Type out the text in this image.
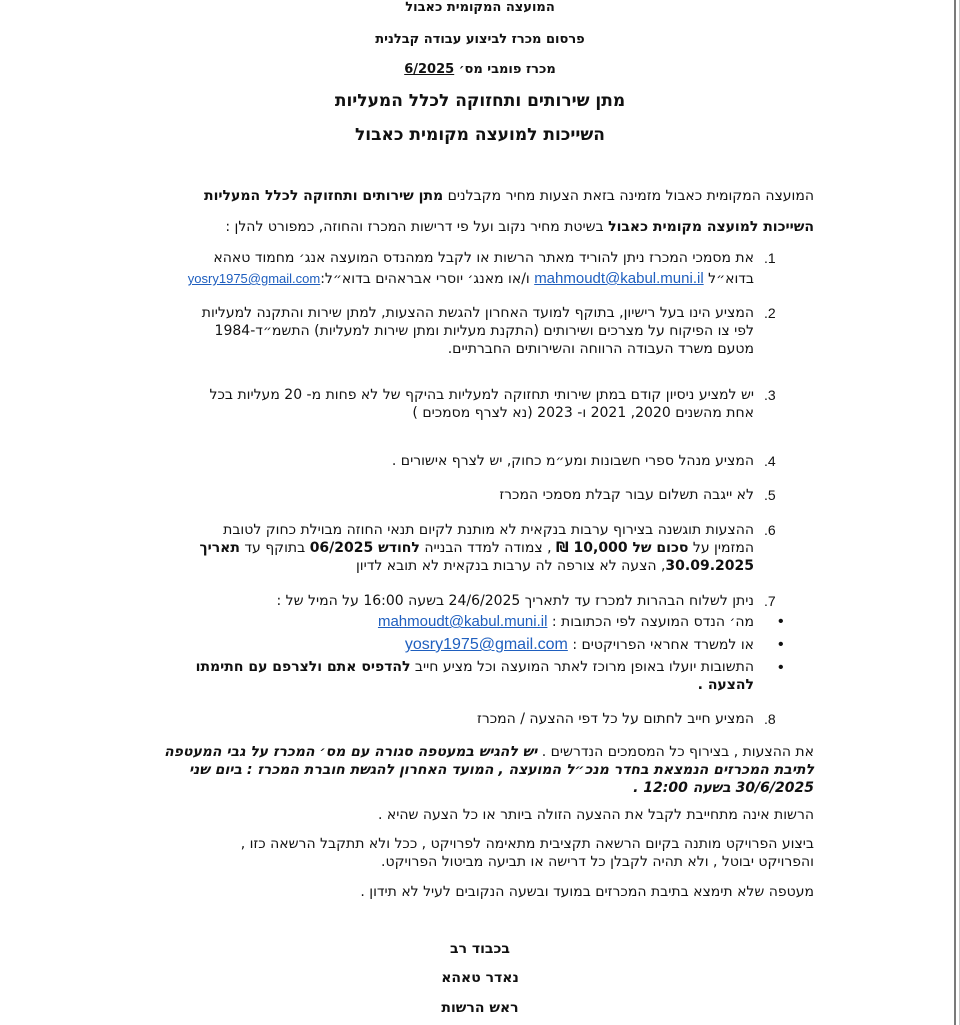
המועצה המקומית כאבול
פרסום מכרז לביצוע עבודה קבלנית
מכרז פומבי מס׳ 6/2025
מתן שירותים ותחזוקה לכלל המעליות
השייכות למועצה מקומית כאבול
המועצה המקומית כאבול מזמינה בזאת הצעות מחיר מקבלנים מתן שירותים ותחזוקה לכלל המעליות
השייכות למועצה מקומית כאבול בשיטת מחיר נקוב ועל פי דרישות המכרז והחוזה, כמפורט להלן :
.1
את מסמכי המכרז ניתן להוריד מאתר הרשות או לקבל ממהנדס המועצה אנג׳ מחמוד טאהא
בדוא״ל mahmoudt@kabul.muni.il ו/או מאנג׳ יוסרי אבראהים בדוא״ל:yosry1975@gmail.com
.2
המציע הינו בעל רישיון, בתוקף למועד האחרון להגשת ההצעות, למתן שירות והתקנה למעליות
לפי צו הפיקוח על מצרכים ושירותים (התקנת מעליות ומתן שירות למעליות) התשמ״ד-1984
מטעם משרד העבודה הרווחה והשירותים החברתיים.
.3
יש למציע ניסיון קודם במתן שירותי תחזוקה למעליות בהיקף של לא פחות מ- 20 מעליות בכל
אחת מהשנים 2020, 2021 ו- 2023 (נא לצרף מסמכים )
.4
המציע מנהל ספרי חשבונות ומע״מ כחוק, יש לצרף אישורים .
.5
לא ייגבה תשלום עבור קבלת מסמכי המכרז
.6
ההצעות תוגשנה בצירוף ערבות בנקאית לא מותנת לקיום תנאי החוזה מבוילת כחוק לטובת
המזמין על סכום של 10,000 ₪ , צמודה למדד הבנייה לחודש 06/2025 בתוקף עד תאריך
30.09.2025, הצעה לא צורפה לה ערבות בנקאית לא תובא לדיון
.7
ניתן לשלוח הבהרות למכרז עד לתאריך 24/6/2025 בשעה 16:00 על המיל של :
•
מה׳ הנדס המועצה לפי הכתובות : mahmoudt@kabul.muni.il
•
או למשרד אחראי הפרויקטים : yosry1975@gmail.com
•
התשובות יועלו באופן מרוכז לאתר המועצה וכל מציע חייב להדפיס אתם ולצרפם עם חתימתו
להצעה .
.8
המציע חייב לחתום על כל דפי ההצעה / המכרז
את ההצעות , בצירוף כל המסמכים הנדרשים . יש להגיש במעטפה סגורה עם מס׳ המכרז על גבי המעטפה
לתיבת המכרזים הנמצאת בחדר מנכ״ל המועצה , המועד האחרון להגשת חוברת המכרז : ביום שני
30/6/2025 בשעה 12:00 .
הרשות אינה מתחייבת לקבל את ההצעה הזולה ביותר או כל הצעה שהיא .
ביצוע הפרויקט מותנה בקיום הרשאה תקציבית מתאימה לפרויקט , ככל ולא תתקבל הרשאה כזו ,
והפרויקט יבוטל , ולא תהיה לקבלן כל דרישה או תביעה מביטול הפרויקט.
מעטפה שלא תימצא בתיבת המכרזים במועד ובשעה הנקובים לעיל לא תידון .
בכבוד רב
נאדר טאהא
ראש הרשות
